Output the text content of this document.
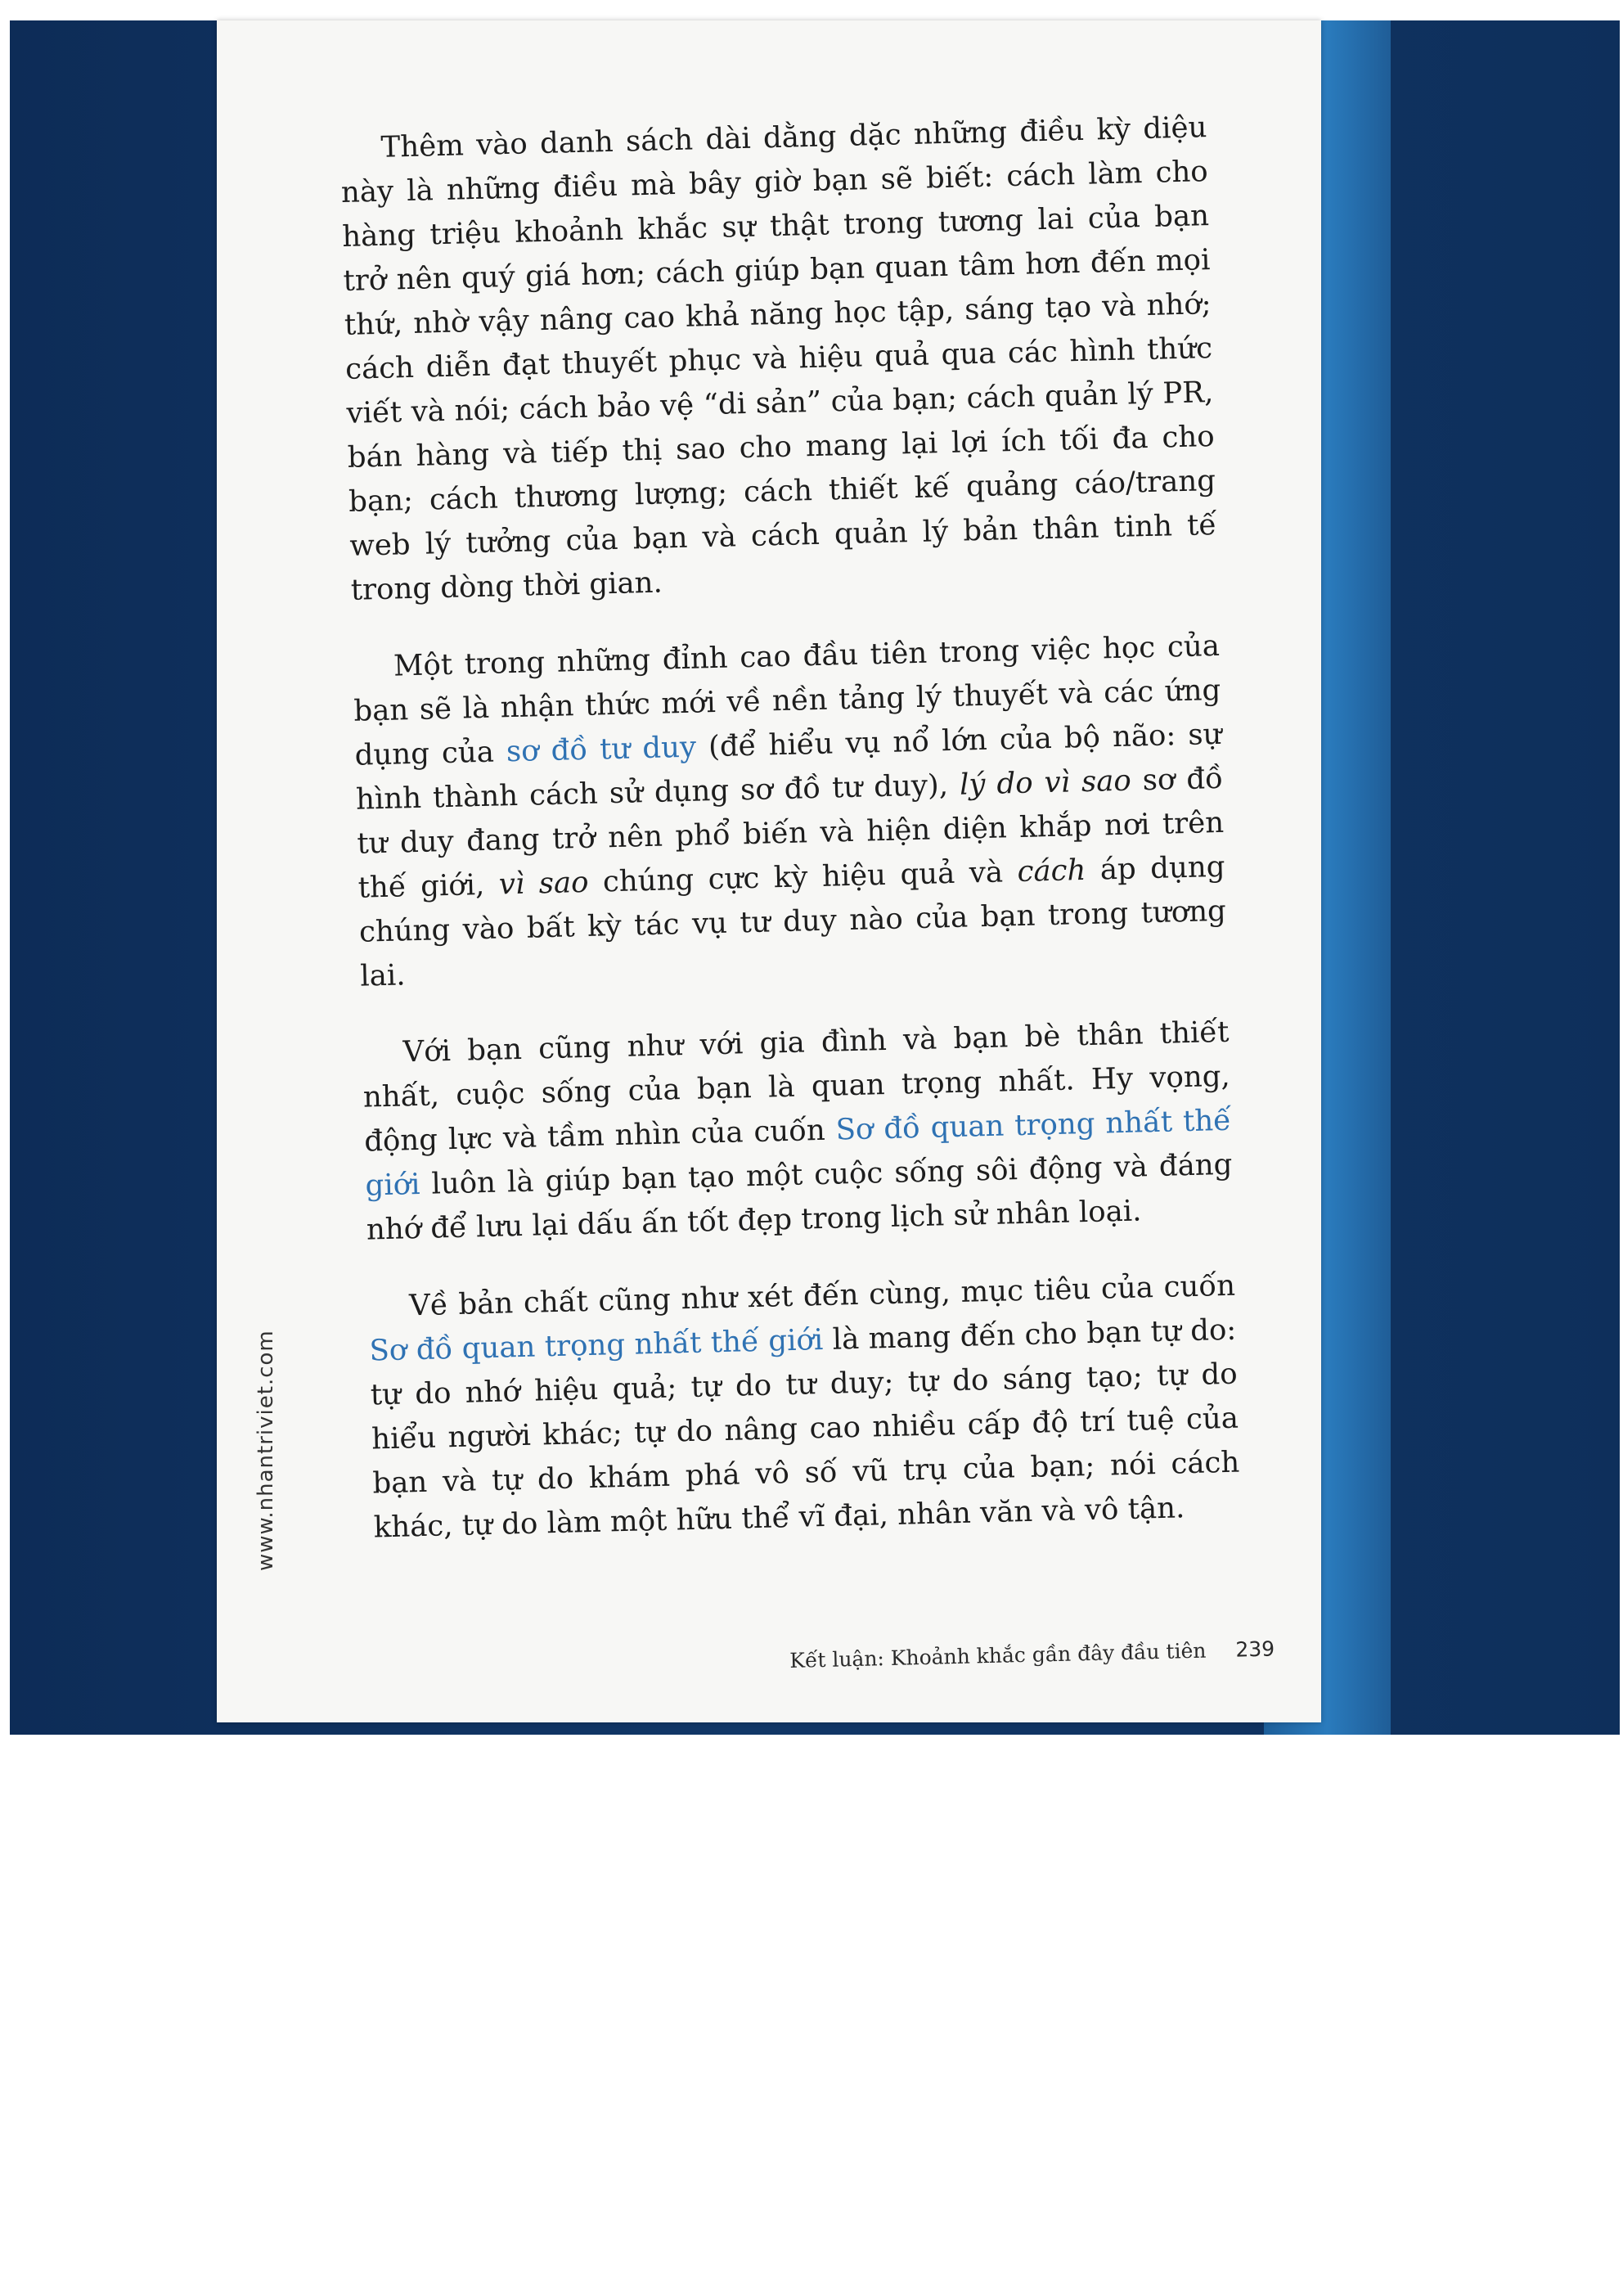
Thêm vào danh sách dài dằng dặc những điều kỳ diệu này là những điều mà bây giờ bạn sẽ biết: cách làm cho hàng triệu khoảnh khắc sự thật trong tương lai của bạn trở nên quý giá hơn; cách giúp bạn quan tâm hơn đến mọi thứ, nhờ vậy nâng cao khả năng học tập, sáng tạo và nhớ; cách diễn đạt thuyết phục và hiệu quả qua các hình thức viết và nói; cách bảo vệ “di sản” của bạn; cách quản lý PR, bán hàng và tiếp thị sao cho mang lại lợi ích tối đa cho bạn; cách thương lượng; cách thiết kế quảng cáo/trang web lý tưởng của bạn và cách quản lý bản thân tinh tế trong dòng thời gian.

Một trong những đỉnh cao đầu tiên trong việc học của bạn sẽ là nhận thức mới về nền tảng lý thuyết và các ứng dụng của sơ đồ tư duy (để hiểu vụ nổ lớn của bộ não: sự hình thành cách sử dụng sơ đồ tư duy), lý do vì sao sơ đồ tư duy đang trở nên phổ biến và hiện diện khắp nơi trên thế giới, vì sao chúng cực kỳ hiệu quả và cách áp dụng chúng vào bất kỳ tác vụ tư duy nào của bạn trong tương lai.

Với bạn cũng như với gia đình và bạn bè thân thiết nhất, cuộc sống của bạn là quan trọng nhất. Hy vọng, động lực và tầm nhìn của cuốn Sơ đồ quan trọng nhất thế giới luôn là giúp bạn tạo một cuộc sống sôi động và đáng nhớ để lưu lại dấu ấn tốt đẹp trong lịch sử nhân loại.

Về bản chất cũng như xét đến cùng, mục tiêu của cuốn Sơ đồ quan trọng nhất thế giới là mang đến cho bạn tự do: tự do nhớ hiệu quả; tự do tư duy; tự do sáng tạo; tự do hiểu người khác; tự do nâng cao nhiều cấp độ trí tuệ của bạn và tự do khám phá vô số vũ trụ của bạn; nói cách khác, tự do làm một hữu thể vĩ đại, nhân văn và vô tận.

www.nhantriviet.com
Kết luận: Khoảnh khắc gần đây đầu tiên 239
